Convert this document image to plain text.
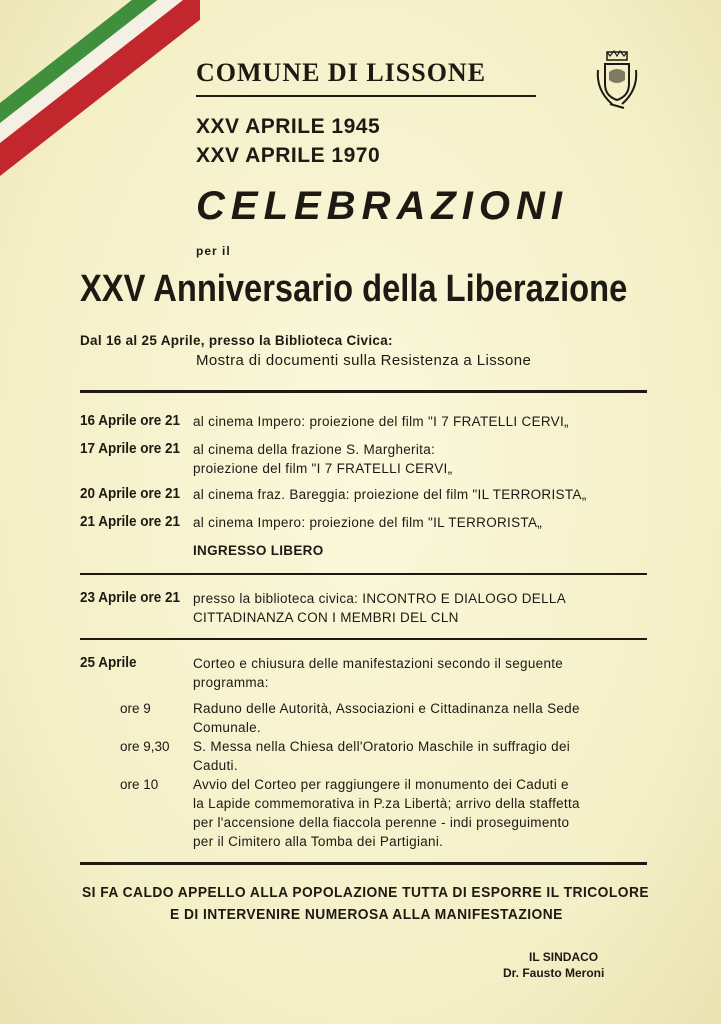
COMUNE DI LISSONE
XXV APRILE 1945
XXV APRILE 1970
CELEBRAZIONI
per il
XXV Anniversario della Liberazione
Dal 16 al 25 Aprile, presso la Biblioteca Civica:
Mostra di documenti sulla Resistenza a Lissone
16 Aprile ore 21 al cinema Impero: proiezione del film "I 7 FRATELLI CERVI„
17 Aprile ore 21 al cinema della frazione S. Margherita:
proiezione del film "I 7 FRATELLI CERVI„
20 Aprile ore 21 al cinema fraz. Bareggia: proiezione del film "IL TERRORISTA„
21 Aprile ore 21 al cinema Impero: proiezione del film "IL TERRORISTA„
INGRESSO LIBERO
23 Aprile ore 21 presso la biblioteca civica: INCONTRO E DIALOGO DELLA
CITTADINANZA CON I MEMBRI DEL CLN
25 Aprile	Corteo e chiusura delle manifestazioni secondo il seguente
programma:
ore 9	Raduno delle Autorità, Associazioni e Cittadinanza nella Sede
Comunale.
ore 9,30 S. Messa nella Chiesa dell'Oratorio Maschile in suffragio dei
Caduti.
ore 10	Avvio del Corteo per raggiungere il monumento dei Caduti e
la Lapide commemorativa in P.za Libertà; arrivo della staffetta
per l'accensione della fiaccola perenne - indi proseguimento
per il Cimitero alla Tomba dei Partigiani.
SI FA CALDO APPELLO ALLA POPOLAZIONE TUTTA DI ESPORRE IL TRICOLORE
E DI INTERVENIRE NUMEROSA ALLA MANIFESTAZIONE
IL SINDACO
Dr. Fausto Meroni
